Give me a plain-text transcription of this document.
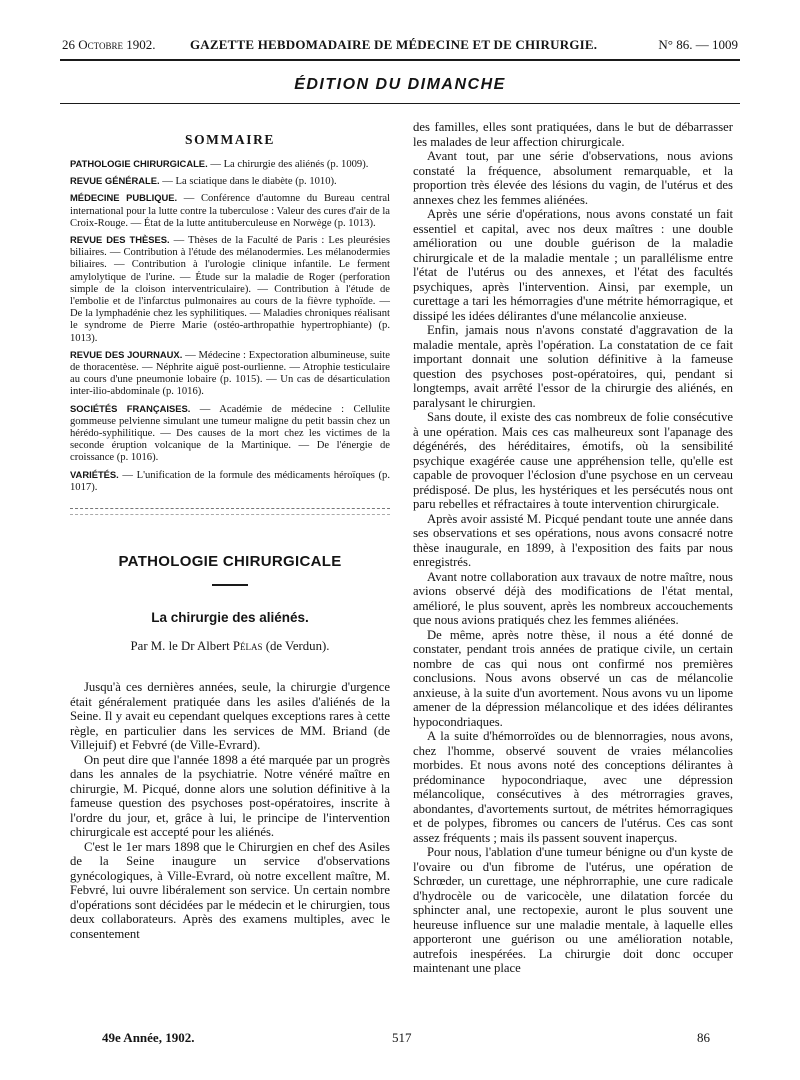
26 Octobre 1902.	GAZETTE HEBDOMADAIRE DE MÉDECINE ET DE CHIRURGIE.	N° 86. — 1009
ÉDITION DU DIMANCHE
SOMMAIRE
PATHOLOGIE CHIRURGICALE. — La chirurgie des aliénés (p. 1009).
REVUE GÉNÉRALE. — La sciatique dans le diabète (p. 1010).
MÉDECINE PUBLIQUE. — Conférence d'automne du Bureau central international pour la lutte contre la tuberculose : Valeur des cures d'air de la Croix-Rouge. — État de la lutte antituberculeuse en Norwège (p. 1013).
REVUE DES THÈSES. — Thèses de la Faculté de Paris : Les pleurésies biliaires. — Contribution à l'étude des mélanodermies. Les mélanodermies biliaires. — Contribution à l'urologie clinique infantile. Le ferment amylolytique de l'urine. — Étude sur la maladie de Roger (perforation simple de la cloison interventriculaire). — Contribution à l'étude de l'embolie et de l'infarctus pulmonaires au cours de la fièvre typhoïde. — De la lymphadénie chez les syphilitiques. — Maladies chroniques réalisant le syndrome de Pierre Marie (ostéo-arthropathie hypertrophiante) (p. 1013).
REVUE DES JOURNAUX. — Médecine : Expectoration albumineuse, suite de thoracentèse. — Néphrite aiguë post-ourlienne. — Atrophie testiculaire au cours d'une pneumonie lobaire (p. 1015). — Un cas de désarticulation inter-ilio-abdominale (p. 1016).
SOCIÉTÉS FRANÇAISES. — Académie de médecine : Cellulite gommeuse pelvienne simulant une tumeur maligne du petit bassin chez un hérédo-syphilitique. — Des causes de la mort chez les victimes de la seconde éruption volcanique de la Martinique. — De l'énergie de croissance (p. 1016).
VARIÉTÉS. — L'unification de la formule des médicaments héroïques (p. 1017).
PATHOLOGIE CHIRURGICALE
La chirurgie des aliénés.
Par M. le Dr Albert Pélas (de Verdun).

Jusqu'à ces dernières années, seule, la chirurgie d'urgence était généralement pratiquée dans les asiles d'aliénés de la Seine. Il y avait eu cependant quelques exceptions rares à cette règle, en particulier dans les services de MM. Briand (de Villejuif) et Febvré (de Ville-Evrard).

On peut dire que l'année 1898 a été marquée par un progrès dans les annales de la psychiatrie. Notre vénéré maître en chirurgie, M. Picqué, donne alors une solution définitive à la fameuse question des psychoses post-opératoires, inscrite à l'ordre du jour, et, grâce à lui, le principe de l'intervention chirurgicale est accepté pour les aliénés.

C'est le 1er mars 1898 que le Chirurgien en chef des Asiles de la Seine inaugure un service d'observations gynécologiques, à Ville-Evrard, où notre excellent maître, M. Febvré, lui ouvre libéralement son service. Un certain nombre d'opérations sont décidées par le médecin et le chirurgien, tous deux collaborateurs. Après des examens multiples, avec le consentement

des familles, elles sont pratiquées, dans le but de débarrasser les malades de leur affection chirurgicale.

Avant tout, par une série d'observations, nous avions constaté la fréquence, absolument remarquable, et la proportion très élevée des lésions du vagin, de l'utérus et des annexes chez les femmes aliénées.

Après une série d'opérations, nous avons constaté un fait essentiel et capital, avec nos deux maîtres : une double amélioration ou une double guérison de la maladie chirurgicale et de la maladie mentale ; un parallélisme entre l'état de l'utérus ou des annexes, et l'état des facultés psychiques, après l'intervention. Ainsi, par exemple, un curettage a tari les hémorragies d'une métrite hémorragique, et dissipé les idées délirantes d'une mélancolie anxieuse.

Enfin, jamais nous n'avons constaté d'aggravation de la maladie mentale, après l'opération. La constatation de ce fait important donnait une solution définitive à la fameuse question des psychoses post-opératoires, qui, pendant si longtemps, avait arrêté l'essor de la chirurgie des aliénés, en paralysant le chirurgien.

Sans doute, il existe des cas nombreux de folie consécutive à une opération. Mais ces cas malheureux sont l'apanage des dégénérés, des héréditaires, émotifs, où la sensibilité psychique exagérée cause une appréhension telle, qu'elle est capable de provoquer l'éclosion d'une psychose en un cerveau prédisposé. De plus, les hystériques et les persécutés nous ont paru rebelles et réfractaires à toute intervention chirurgicale.

Après avoir assisté M. Picqué pendant toute une année dans ses observations et ses opérations, nous avons consacré notre thèse inaugurale, en 1899, à l'exposition des faits par nous enregistrés.

Avant notre collaboration aux travaux de notre maître, nous avions observé déjà des modifications de l'état mental, amélioré, le plus souvent, après les nombreux accouchements que nous avions pratiqués chez les femmes aliénées.

De même, après notre thèse, il nous a été donné de constater, pendant trois années de pratique civile, un certain nombre de cas qui nous ont confirmé nos premières conclusions. Nous avons observé un cas de mélancolie anxieuse, à la suite d'un avortement. Nous avons vu un lipome amener de la dépression mélancolique et des idées délirantes hypocondriaques.

A la suite d'hémorroïdes ou de blennorragies, nous avons, chez l'homme, observé souvent de vraies mélancolies morbides. Et nous avons noté des conceptions délirantes à prédominance hypocondriaque, avec une dépression mélancolique, consécutives à des métrorragies graves, abondantes, d'avortements surtout, de métrites hémorragiques et de polypes, fibromes ou cancers de l'utérus. Ces cas sont assez fréquents ; mais ils passent souvent inaperçus.

Pour nous, l'ablation d'une tumeur bénigne ou d'un kyste de l'ovaire ou d'un fibrome de l'utérus, une opération de Schrœder, un curettage, une néphrorraphie, une cure radicale d'hydrocèle ou de varicocèle, une dilatation forcée du sphincter anal, une rectopexie, auront le plus souvent une heureuse influence sur une maladie mentale, à laquelle elles apporteront une guérison ou une amélioration notable, autrefois inespérées. La chirurgie doit donc occuper maintenant une place

49e Année, 1902.	517	86
